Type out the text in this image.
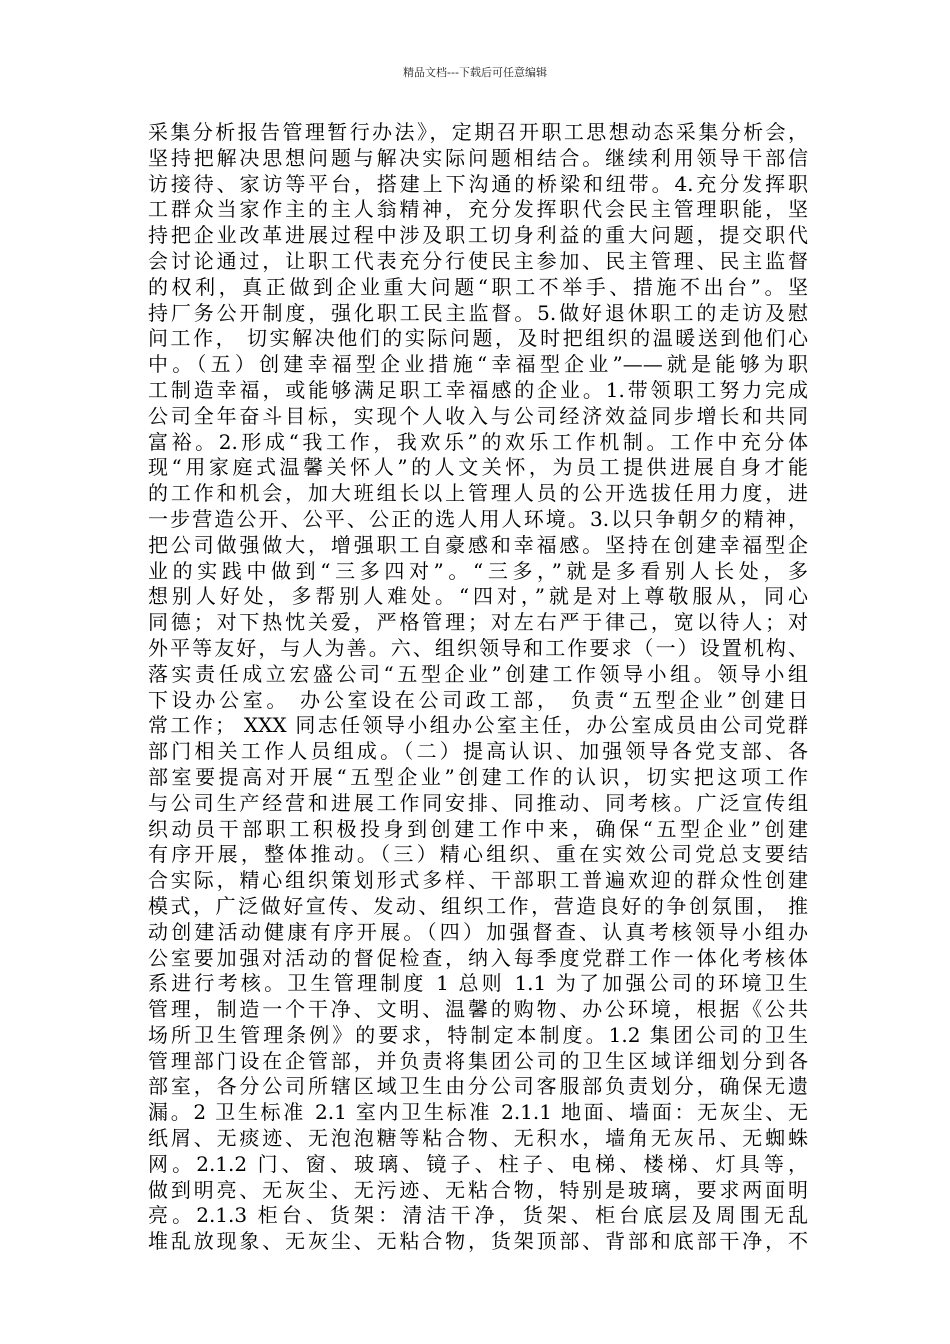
精品文档---下载后可任意编辑
采集分析报告管理暂行办法》，定期召开职工思想动态采集分析会，
坚持把解决思想问题与解决实际问题相结合。继续利用领导干部信
访接待、家访等平台，搭建上下沟通的桥梁和纽带。4.充分发挥职
工群众当家作主的主人翁精神，充分发挥职代会民主管理职能，坚
持把企业改革进展过程中涉及职工切身利益的重大问题，提交职代
会讨论通过，让职工代表充分行使民主参加、民主管理、民主监督
的权利，真正做到企业重大问题“职工不举手、措施不出台”。坚
持厂务公开制度，强化职工民主监督。5.做好退休职工的走访及慰
问工作， 切实解决他们的实际问题，及时把组织的温暖送到他们心
中。（五）创建幸福型企业措施“幸福型企业”——就是能够为职
工制造幸福，或能够满足职工幸福感的企业。1.带领职工努力完成
公司全年奋斗目标，实现个人收入与公司经济效益同步增长和共同
富裕。2.形成“我工作，我欢乐”的欢乐工作机制。工作中充分体
现“用家庭式温馨关怀人”的人文关怀，为员工提供进展自身才能
的工作和机会，加大班组长以上管理人员的公开选拔任用力度，进
一步营造公开、公平、公正的选人用人环境。3.以只争朝夕的精神，
把公司做强做大，增强职工自豪感和幸福感。坚持在创建幸福型企
业的实践中做到“三多四对”。“三多，”就是多看别人长处，多
想别人好处，多帮别人难处。“四对，”就是对上尊敬服从，同心
同德；对下热忱关爱，严格管理；对左右严于律己，宽以待人；对
外平等友好，与人为善。六、组织领导和工作要求（一）设置机构、
落实责任成立宏盛公司“五型企业”创建工作领导小组。领导小组
下设办公室。 办公室设在公司政工部， 负责“五型企业”创建日
常工作； XXX 同志任领导小组办公室主任，办公室成员由公司党群
部门相关工作人员组成。（二）提高认识、加强领导各党支部、各
部室要提高对开展“五型企业”创建工作的认识，切实把这项工作
与公司生产经营和进展工作同安排、同推动、同考核。广泛宣传组
织动员干部职工积极投身到创建工作中来，确保“五型企业”创建
有序开展，整体推动。（三）精心组织、重在实效公司党总支要结
合实际，精心组织策划形式多样、干部职工普遍欢迎的群众性创建
模式，广泛做好宣传、发动、组织工作，营造良好的争创氛围， 推
动创建活动健康有序开展。（四）加强督查、认真考核领导小组办
公室要加强对活动的督促检查，纳入每季度党群工作一体化考核体
系进行考核。卫生管理制度 1 总则 1.1 为了加强公司的环境卫生
管理，制造一个干净、文明、温馨的购物、办公环境，根据《公共
场所卫生管理条例》的要求，特制定本制度。1.2 集团公司的卫生
管理部门设在企管部，并负责将集团公司的卫生区域详细划分到各
部室，各分公司所辖区域卫生由分公司客服部负责划分，确保无遗
漏。2 卫生标准 2.1 室内卫生标准 2.1.1 地面、墙面：无灰尘、无
纸屑、无痰迹、无泡泡糖等粘合物、无积水，墙角无灰吊、无蜘蛛
网。2.1.2 门、窗、玻璃、镜子、柱子、电梯、楼梯、灯具等，
做到明亮、无灰尘、无污迹、无粘合物，特别是玻璃，要求两面明
亮。2.1.3 柜台、货架：清洁干净，货架、柜台底层及周围无乱
堆乱放现象、无灰尘、无粘合物，货架顶部、背部和底部干净，不
